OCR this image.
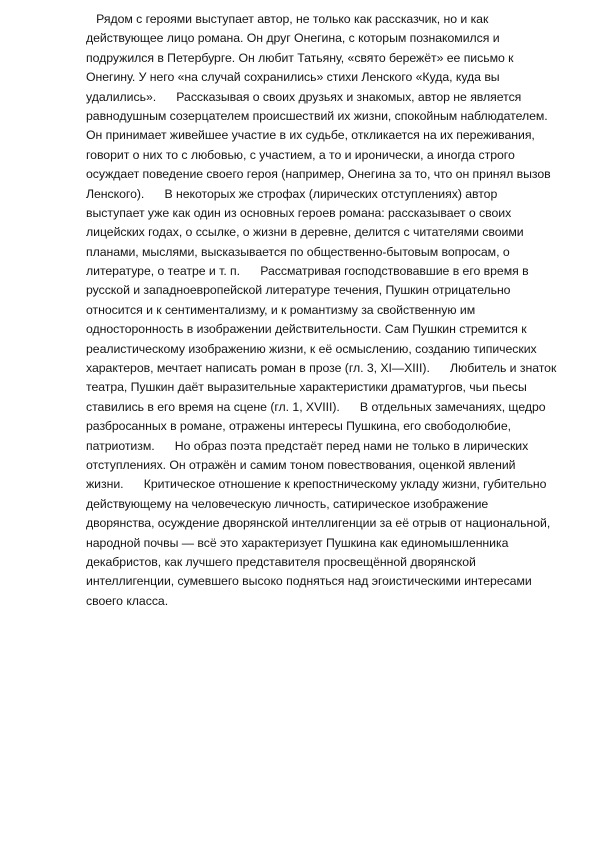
Рядом с героями выступает автор, не только как рассказчик, но и как
действующее лицо романа. Он друг Онегина, с которым познакомился и
подружился в Петербурге. Он любит Татьяну, «свято бережёт» ее письмо к
Онегину. У него «на случай сохранились» стихи Ленского «Куда, куда вы
удалились».      Рассказывая о своих друзьях и знакомых, автор не является
равнодушным созерцателем происшествий их жизни, спокойным наблюдателем.
Он принимает живейшее участие в их судьбе, откликается на их переживания,
говорит о них то с любовью, с участием, а то и иронически, а иногда строго
осуждает поведение своего героя (например, Онегина за то, что он принял вызов
Ленского).      В некоторых же строфах (лирических отступлениях) автор
выступает уже как один из основных героев романа: рассказывает о своих
лицейских годах, о ссылке, о жизни в деревне, делится с читателями своими
планами, мыслями, высказывается по общественно-бытовым вопросам, о
литературе, о театре и т. п.      Рассматривая господствовавшие в его время в
русской и западноевропейской литературе течения, Пушкин отрицательно
относится и к сентиментализму, и к романтизму за свойственную им
односторонность в изображении действительности. Сам Пушкин стремится к
реалистическому изображению жизни, к её осмыслению, созданию типических
характеров, мечтает написать роман в прозе (гл. 3, XI—XIII).      Любитель и знаток
театра, Пушкин даёт выразительные характеристики драматургов, чьи пьесы
ставились в его время на сцене (гл. 1, XVIII).      В отдельных замечаниях, щедро
разбросанных в романе, отражены интересы Пушкина, его свободолюбие,
патриотизм.      Но образ поэта предстаёт перед нами не только в лирических
отступлениях. Он отражён и самим тоном повествования, оценкой явлений
жизни.      Критическое отношение к крепостническому укладу жизни, губительно
действующему на человеческую личность, сатирическое изображение
дворянства, осуждение дворянской интеллигенции за её отрыв от национальной,
народной почвы — всё это характеризует Пушкина как единомышленника
декабристов, как лучшего представителя просвещённой дворянской
интеллигенции, сумевшего высоко подняться над эгоистическими интересами
своего класса.
